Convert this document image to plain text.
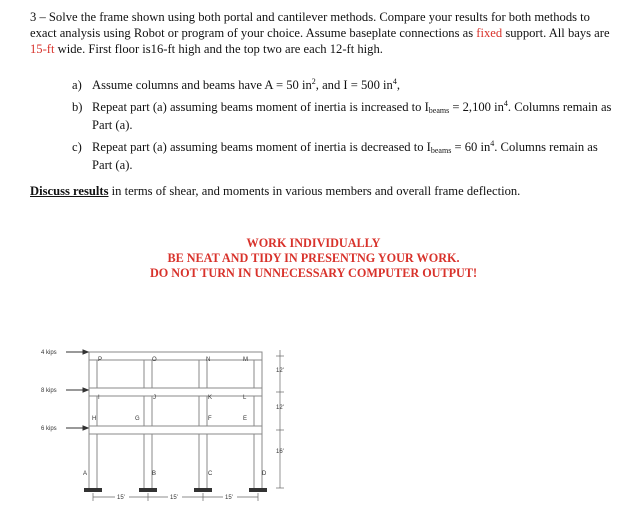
3 – Solve the frame shown using both portal and cantilever methods. Compare your results for both methods to exact analysis using Robot or program of your choice. Assume baseplate connections as fixed support. All bays are 15-ft wide. First floor is16-ft high and the top two are each 12-ft high.
a) Assume columns and beams have A = 50 $in^2$, and I = 500 $in^4$,
b) Repeat part (a) assuming beams moment of inertia is increased to $I_{beams} = 2,100$ $in^4$. Columns remain as Part (a).
c) Repeat part (a) assuming beams moment of inertia is decreased to $I_{beams} = 60$ $in^4$. Columns remain as Part (a).
Discuss results in terms of shear, and moments in various members and overall frame deflection.
WORK INDIVIDUALLY
BE NEAT AND TIDY IN PRESENTNG YOUR WORK.
DO NOT TURN IN UNNECESSARY COMPUTER OUTPUT!
4 kips
8 kips
6 kips
P	O	N	M
I	J	K	L
H	G	F	E
A	B	C	D
12'
12'
16'
15'	15'	15'
